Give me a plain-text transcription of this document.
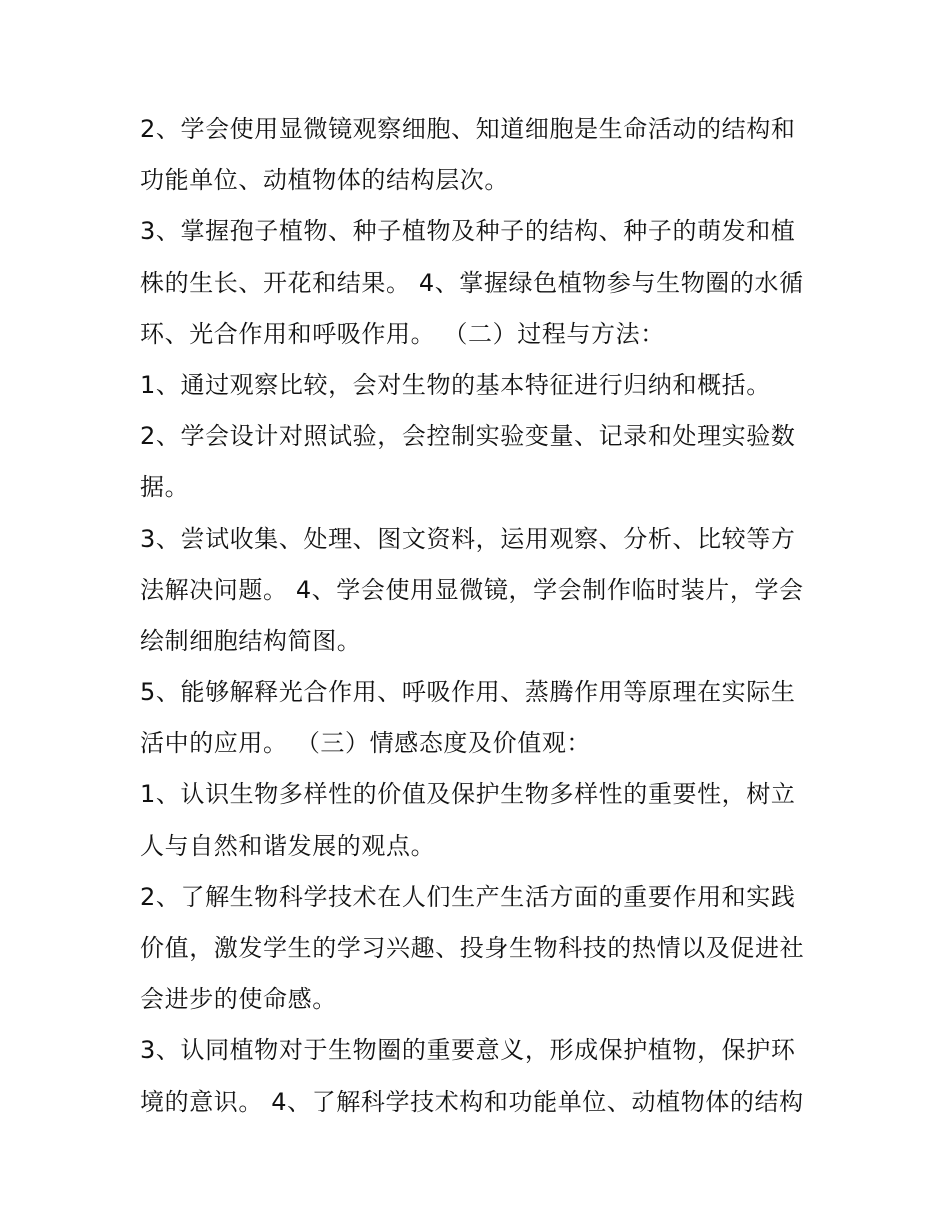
2、学会使用显微镜观察细胞、知道细胞是生命活动的结构和
功能单位、动植物体的结构层次。
3、掌握孢子植物、种子植物及种子的结构、种子的萌发和植
株的生长、开花和结果。 4、掌握绿色植物参与生物圈的水循
环、光合作用和呼吸作用。 （二）过程与方法：
1、通过观察比较，会对生物的基本特征进行归纳和概括。
2、学会设计对照试验，会控制实验变量、记录和处理实验数
据。
3、尝试收集、处理、图文资料，运用观察、分析、比较等方
法解决问题。 4、学会使用显微镜，学会制作临时装片，学会
绘制细胞结构简图。
5、能够解释光合作用、呼吸作用、蒸腾作用等原理在实际生
活中的应用。 （三）情感态度及价值观：
1、认识生物多样性的价值及保护生物多样性的重要性，树立
人与自然和谐发展的观点。
2、了解生物科学技术在人们生产生活方面的重要作用和实践
价值，激发学生的学习兴趣、投身生物科技的热情以及促进社
会进步的使命感。
3、认同植物对于生物圈的重要意义，形成保护植物，保护环
境的意识。 4、了解科学技术构和功能单位、动植物体的结构
